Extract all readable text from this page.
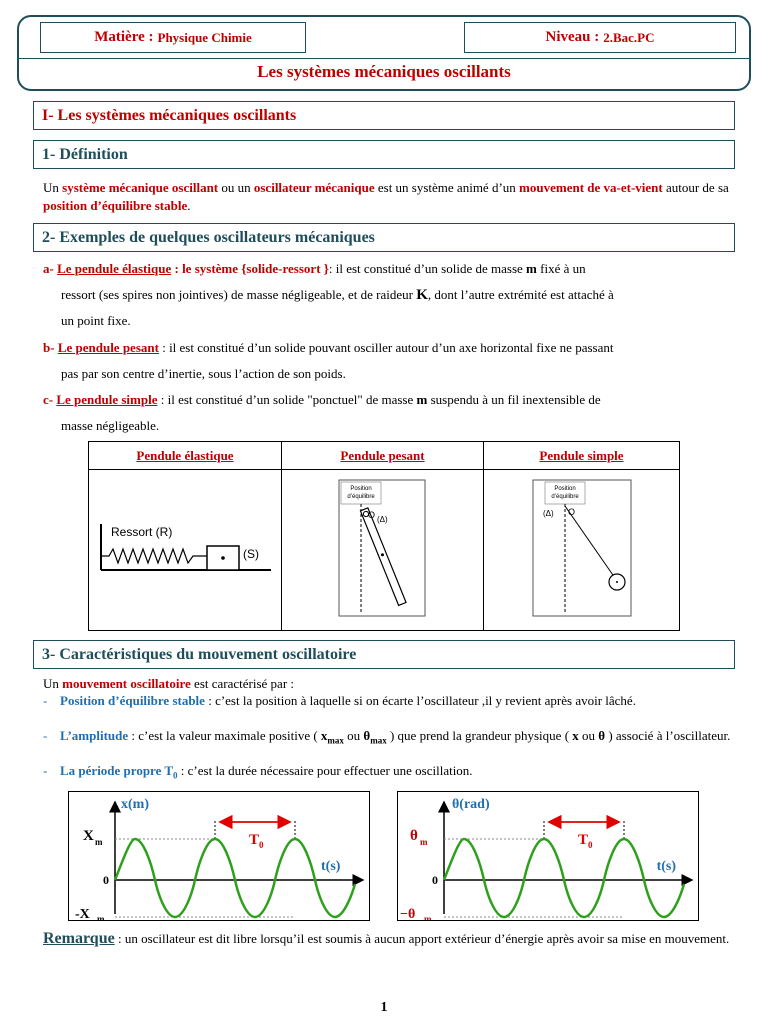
Matière : Physique Chimie	Niveau : 2.Bac.PC
Les systèmes mécaniques oscillants
I- Les systèmes mécaniques oscillants
1- Définition
Un système mécanique oscillant ou un oscillateur mécanique est un système animé d’un mouvement de va-et-vient autour de sa position d’équilibre stable.
2- Exemples de quelques oscillateurs mécaniques
a- Le pendule élastique : le système {solide-ressort }: il est constitué d’un solide de masse m fixé à un
ressort (ses spires non jointives) de masse négligeable, et de raideur K, dont l’autre extrémité est attaché à
un point fixe.
b- Le pendule pesant : il est constitué d’un solide pouvant osciller autour d’un axe horizontal fixe ne passant
pas par son centre d’inertie, sous l’action de son poids.
c- Le pendule simple : il est constitué d’un solide "ponctuel" de masse m suspendu à un fil inextensible de
masse négligeable.
Pendule élastique	Pendule pesant	Pendule simple

Ressort (R)
(S)	Position
d’équilibre
O (Δ)	Position
d’équilibre
(Δ) O
3- Caractéristiques du mouvement oscillatoire
Un mouvement oscillatoire est caractérisé par :
- Position d’équilibre stable : c’est la position à laquelle si on écarte l’oscillateur ,il y revient après avoir lâché.
- L’amplitude : c’est la valeur maximale positive ( $x_{max}$ ou $\theta_{max}$ ) que prend la grandeur physique ( x ou θ ) associé à l’oscillateur.
- La période propre $T_0$ : c’est la durée nécessaire pour effectuer une oscillation.
x(m)
t(s)
X m
0
-X m
T 0
θ(rad)
t(s)
θ m
0
−θ m
T 0
Remarque : un oscillateur est dit libre lorsqu’il est soumis à aucun apport extérieur d’énergie après avoir sa mise en mouvement.
1
